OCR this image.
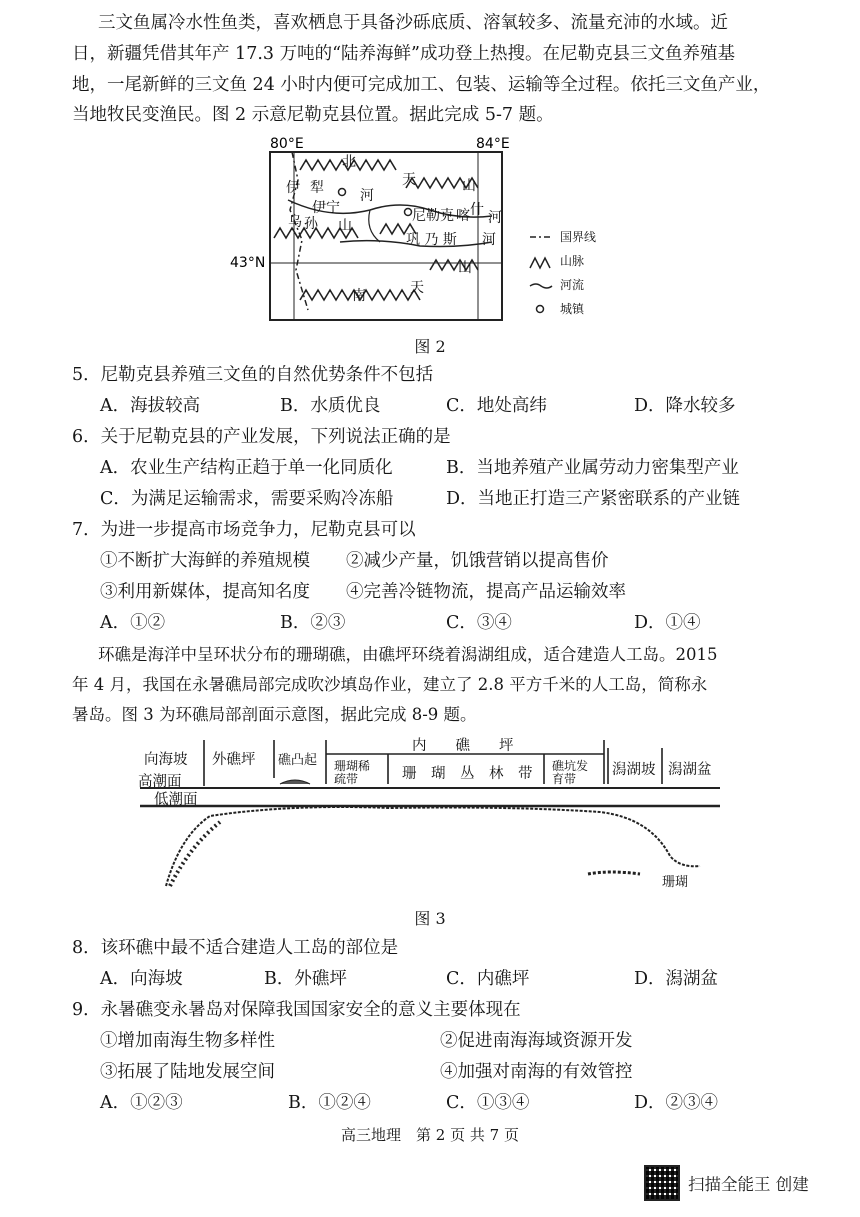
三文鱼属冷水性鱼类，喜欢栖息于具备沙砾底质、溶氧较多、流量充沛的水域。近
日，新疆凭借其年产 17.3 万吨的“陆养海鲜”成功登上热搜。在尼勒克县三文鱼养殖基
地，一尾新鲜的三文鱼 24 小时内便可完成加工、包装、运输等全过程。依托三文鱼产业，
当地牧民变渔民。图 2 示意尼勒克县位置。据此完成 5-7 题。
80°E	84°E
43°N
北
天	山
伊 犁
伊宁
河
尼勒克 喀 什 河
乌 孙 山
巩 乃 斯 河
南	天
山
国界线
山脉
河流
城镇
图 2
5．尼勒克县养殖三文鱼的自然优势条件不包括
A．海拔较高	B．水质优良	C．地处高纬	D．降水较多
6．关于尼勒克县的产业发展，下列说法正确的是
A．农业生产结构正趋于单一化同质化	B．当地养殖产业属劳动力密集型产业
C．为满足运输需求，需要采购冷冻船	D．当地正打造三产紧密联系的产业链
7．为进一步提高市场竞争力，尼勒克县可以
①不断扩大海鲜的养殖规模 ②减少产量，饥饿营销以提高售价
③利用新媒体，提高知名度 ④完善冷链物流，提高产品运输效率
A．①②	B．②③	C．③④	D．①④
环礁是海洋中呈环状分布的珊瑚礁，由礁坪环绕着潟湖组成，适合建造人工岛。2015
年 4 月，我国在永暑礁局部完成吹沙填岛作业，建立了 2.8 平方千米的人工岛，简称永
暑岛。图 3 为环礁局部剖面示意图，据此完成 8-9 题。
向海坡
高潮面
外礁坪 礁凸起
内　　礁　　坪
珊瑚稀
疏带	珊　瑚　丛　林　带 礁坑发
育带
潟湖坡 潟湖盆
低潮面
珊瑚
图 3
8．该环礁中最不适合建造人工岛的部位是
A．向海坡	B．外礁坪	C．内礁坪	D．潟湖盆
9．永暑礁变永暑岛对保障我国国家安全的意义主要体现在
①增加南海生物多样性	②促进南海海域资源开发
③拓展了陆地发展空间	④加强对南海的有效管控
A．①②③	B．①②④	C．①③④	D．②③④
高三地理　第 2 页 共 7 页
扫描全能王 创建
